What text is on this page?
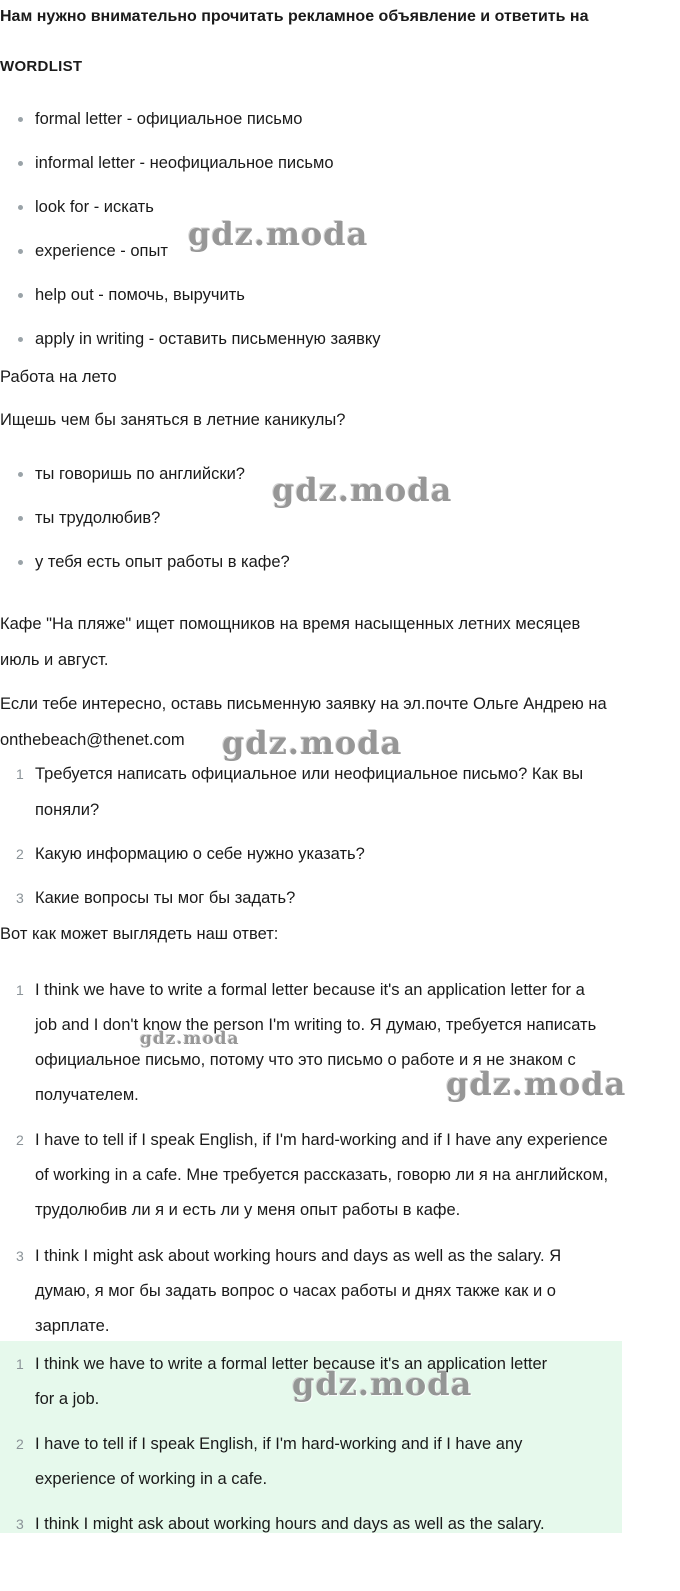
Нам нужно внимательно прочитать рекламное объявление и ответить на
WORDLIST
formal letter - официальное письмо
informal letter - неофициальное письмо
look for - искать
experience - опыт
help out - помочь, выручить
apply in writing - оставить письменную заявку
Работа на лето
Ищешь чем бы заняться в летние каникулы?
ты говоришь по английски?
ты трудолюбив?
у тебя есть опыт работы в кафе?
Кафе "На пляже" ищет помощников на время насыщенных летних месяцев
июль и август.
Если тебе интересно, оставь письменную заявку на эл.почте Ольге Андрею на
onthebeach@thenet.com
1 Требуется написать официальное или неофициальное письмо? Как вы
поняли?
2 Какую информацию о себе нужно указать?
3 Какие вопросы ты мог бы задать?
Вот как может выглядеть наш ответ:
1 I think we have to write a formal letter because it's an application letter for a
job and I don't know the person I'm writing to. Я думаю, требуется написать
официальное письмо, потому что это письмо о работе и я не знаком с
получателем.
2 I have to tell if I speak English, if I'm hard-working and if I have any experience
of working in a cafe. Мне требуется рассказать, говорю ли я на английском,
трудолюбив ли я и есть ли у меня опыт работы в кафе.
3 I think I might ask about working hours and days as well as the salary. Я
думаю, я мог бы задать вопрос о часах работы и днях также как и о
зарплате.
1 I think we have to write a formal letter because it's an application letter
for a job.
2 I have to tell if I speak English, if I'm hard-working and if I have any
experience of working in a cafe.
3 I think I might ask about working hours and days as well as the salary.
gdz.moda
gdz.moda
gdz.moda
gdz.moda
gdz.moda
gdz.moda
